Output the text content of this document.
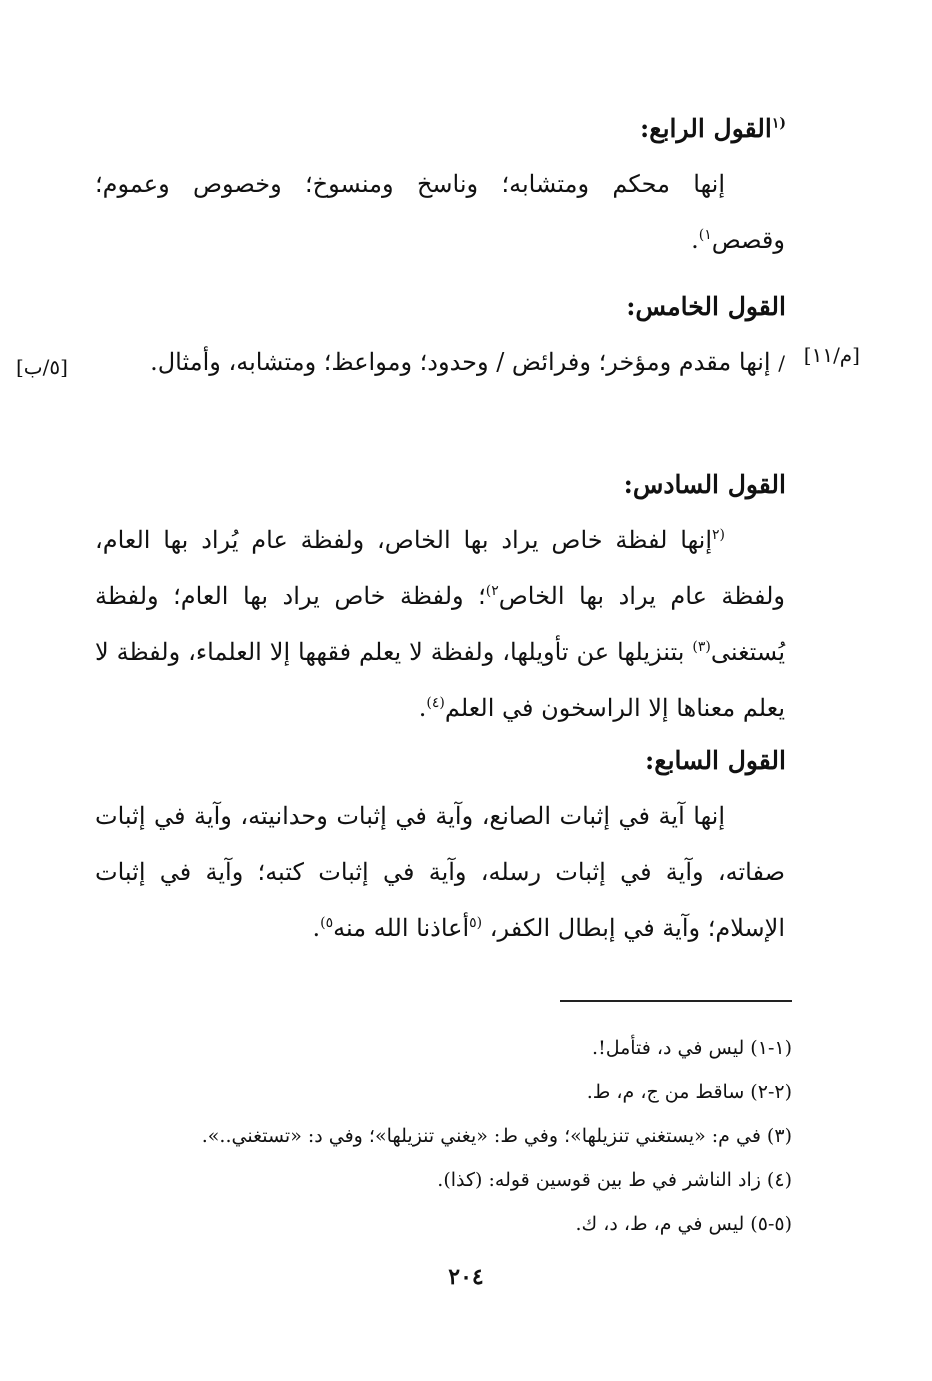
$^{(١}$القول الرابع:
إنها محكم ومتشابه؛ وناسخ ومنسوخ؛ وخصوص وعموم؛ وقصص$^{١)}$.
القول الخامس:
[م/١١]
[٥/ب]	/ إنها مقدم ومؤخر؛ وفرائض / وحدود؛ ومواعظ؛ ومتشابه، وأمثال.
القول السادس:
$^{(٢}$إنها لفظة خاص يراد بها الخاص، ولفظة عام يُراد بها العام، ولفظة عام يراد بها الخاص$^{٢)}$؛ ولفظة خاص يراد بها العام؛ ولفظة يُستغنى$^{(٣)}$ بتنزيلها عن تأويلها، ولفظة لا يعلم فقهها إلا العلماء، ولفظة لا يعلم معناها إلا الراسخون في العلم$^{(٤)}$.
القول السابع:
إنها آية في إثبات الصانع، وآية في إثبات وحدانيته، وآية في إثبات صفاته، وآية في إثبات رسله، وآية في إثبات كتبه؛ وآية في إثبات الإسلام؛ وآية في إبطال الكفر، $^{(٥}$أعاذنا الله منه$^{٥)}$.
(١-١) ليس في د، فتأمل!.
(٢-٢) ساقط من ج، م، ط.
(٣) في م: «يستغني تنزيلها»؛ وفي ط: «يغني تنزيلها»؛ وفي د: «تستغني..».
(٤) زاد الناشر في ط بين قوسين قوله: (كذا).
(٥-٥) ليس في م، ط، د، ك.
٢٠٤
